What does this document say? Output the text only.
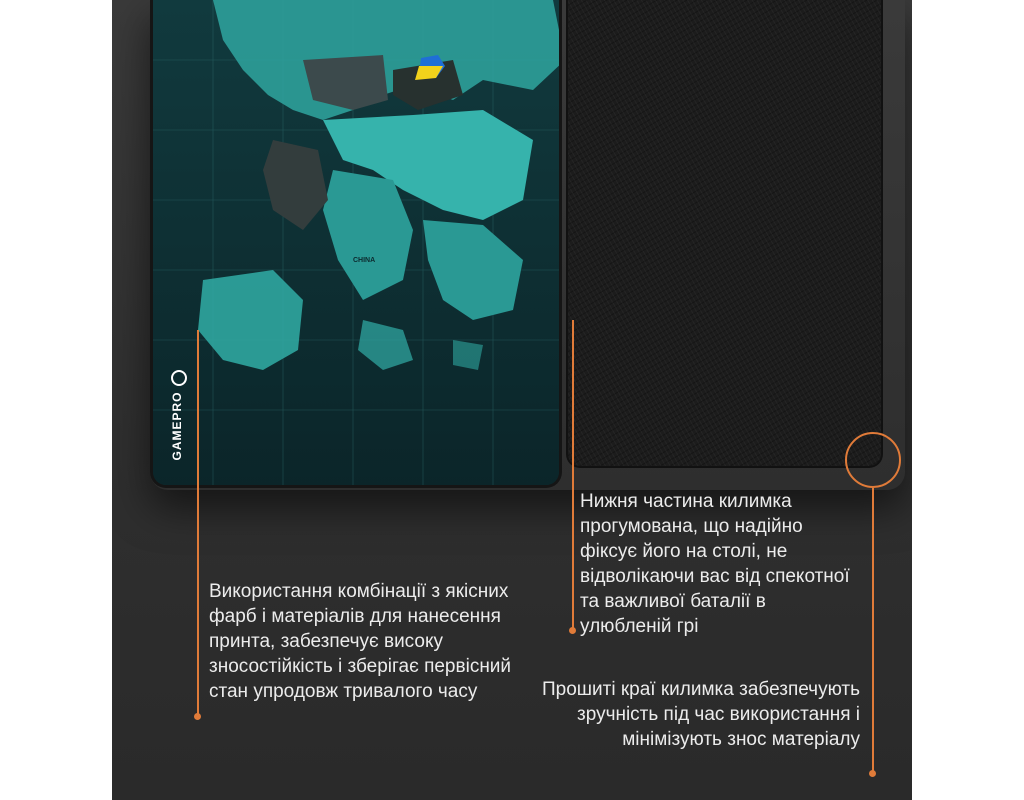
CHINA
GAMEPRO
Використання комбінації з якісних фарб і матеріалів для нанесення принта, забезпечує високу зносостійкість і зберігає первісний стан упродовж тривалого часу
Нижня частина килимка прогумована, що надійно фіксує його на столі, не відволікаючи вас від спекотної та важливої баталії в улюбленій грі
Прошиті краї килимка забезпечують зручність під час використання і мінімізують знос матеріалу
